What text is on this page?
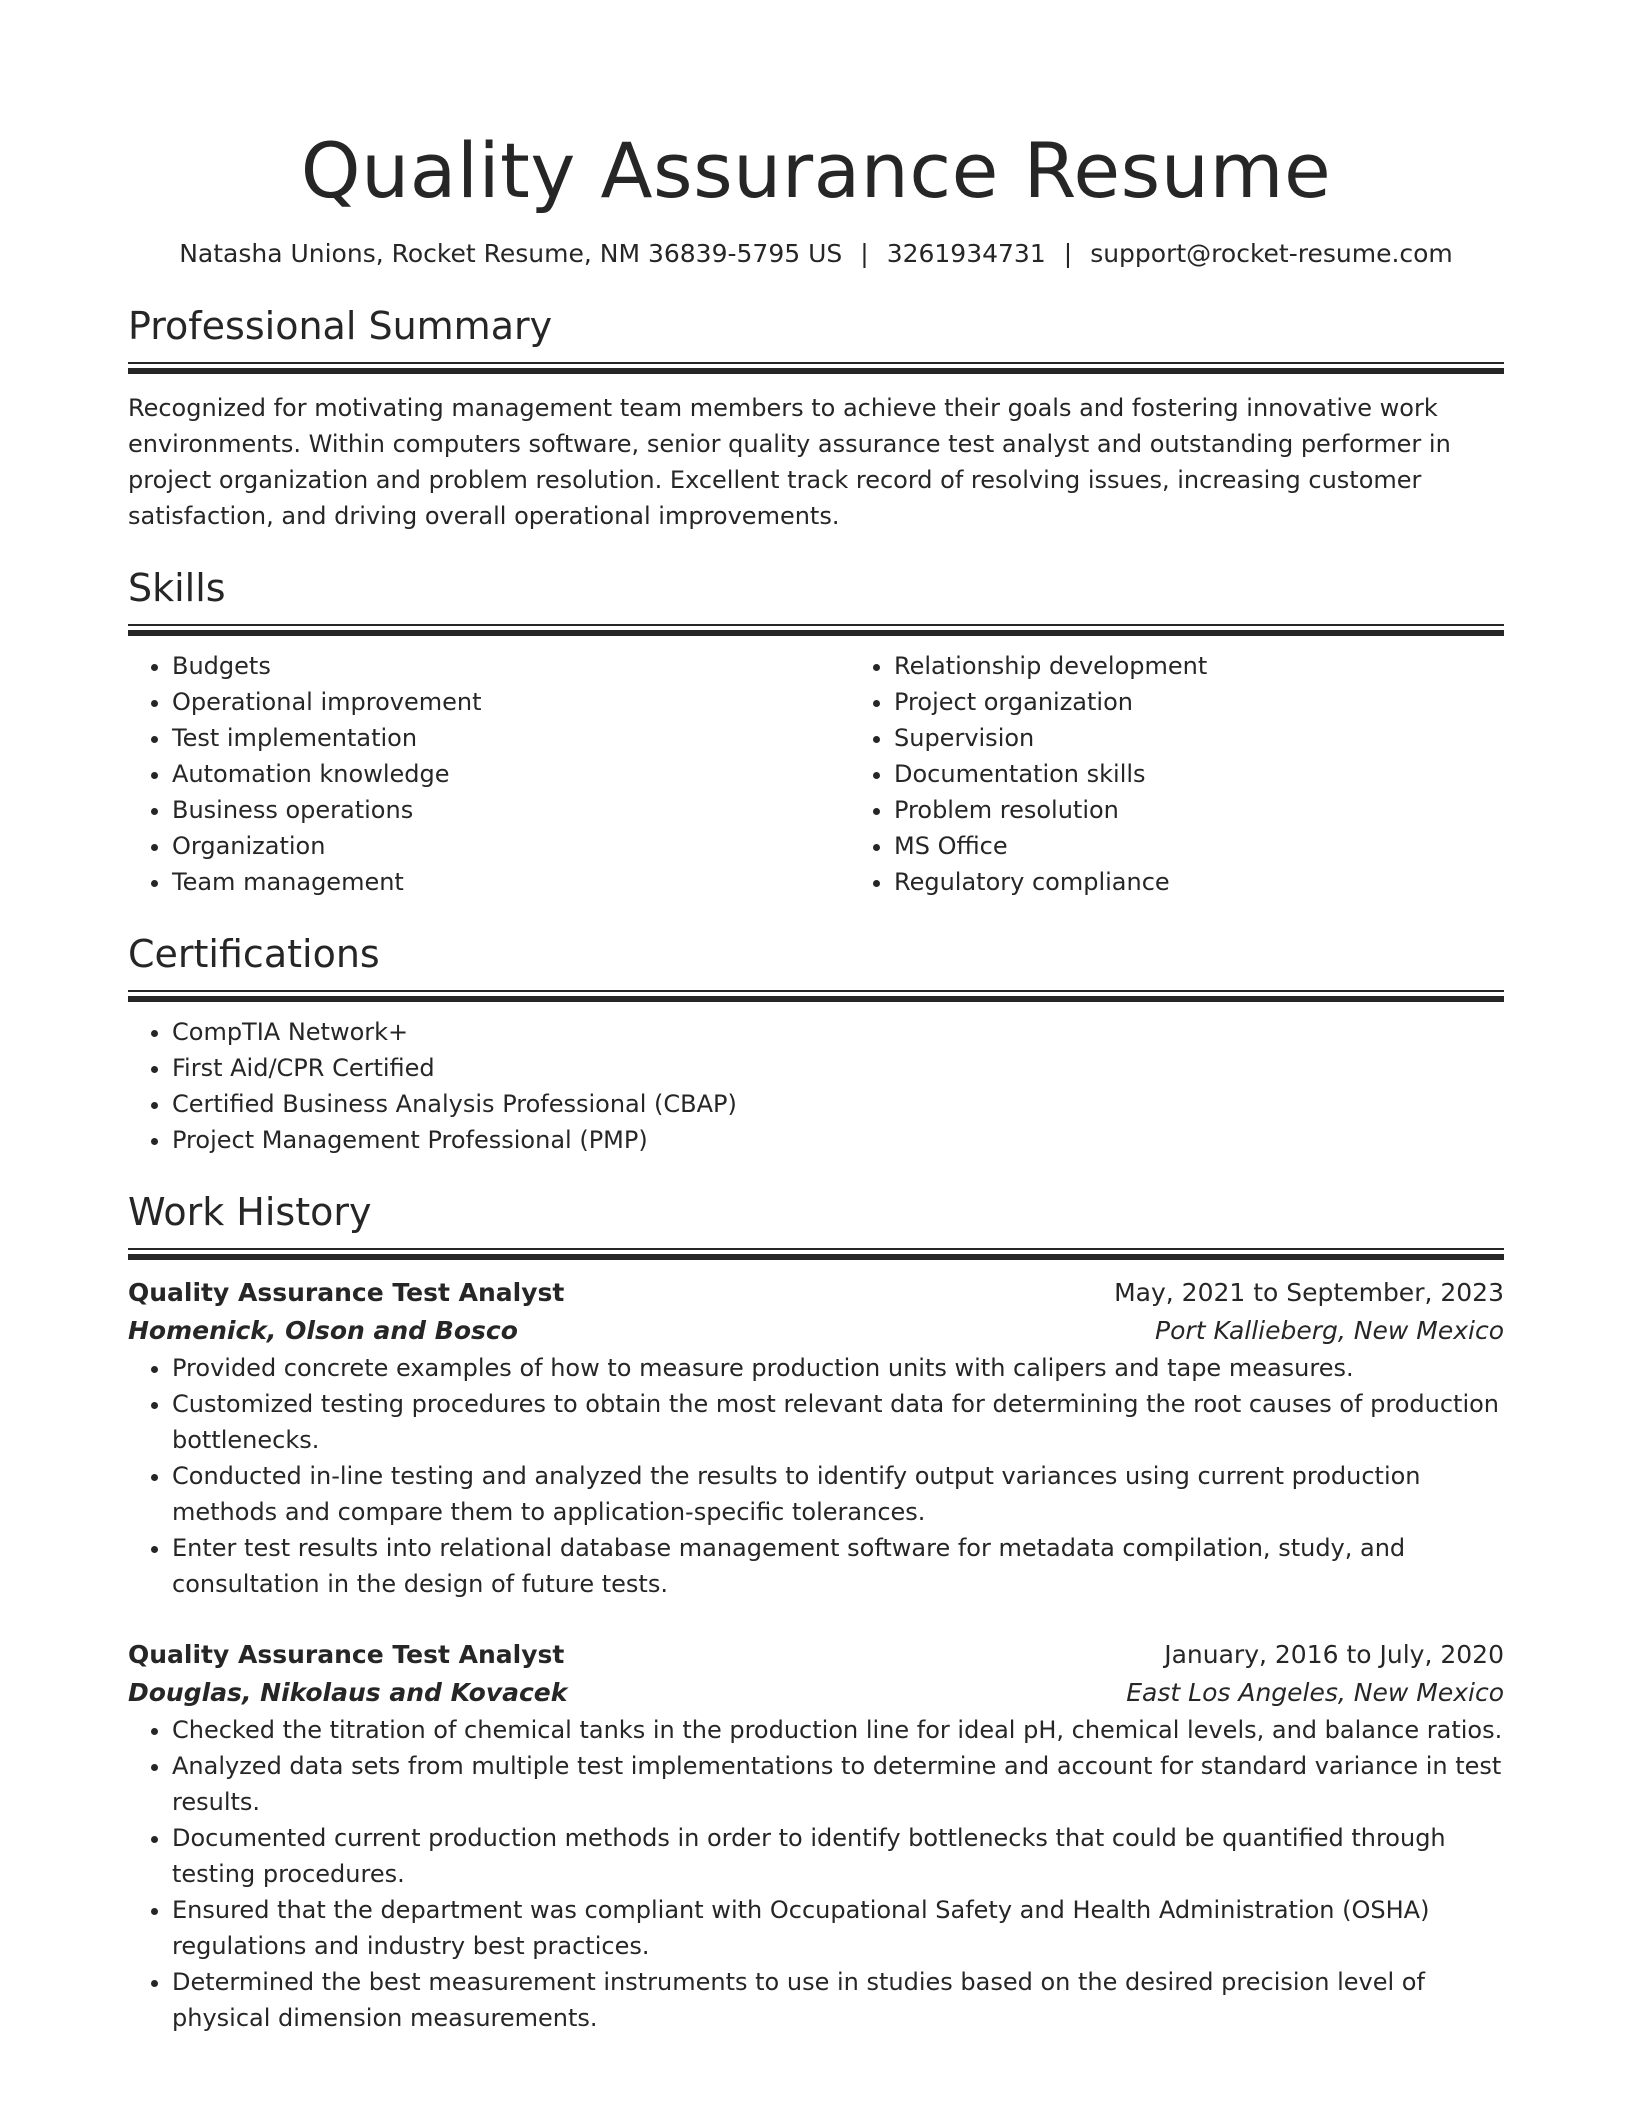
Quality Assurance Resume
Natasha Unions, Rocket Resume, NM 36839-5795 US | 3261934731 | support@rocket-resume.com
Professional Summary

Recognized for motivating management team members to achieve their goals and fostering innovative work environments. Within computers software, senior quality assurance test analyst and outstanding performer in project organization and problem resolution. Excellent track record of resolving issues, increasing customer satisfaction, and driving overall operational improvements.

Skills
• Budgets
• Operational improvement
• Test implementation
• Automation knowledge
• Business operations
• Organization
• Team management
• Relationship development
• Project organization
• Supervision
• Documentation skills
• Problem resolution
• MS Office
• Regulatory compliance
Certifications
• CompTIA Network+
• First Aid/CPR Certified
• Certified Business Analysis Professional (CBAP)
• Project Management Professional (PMP)
Work History
Quality Assurance Test Analyst	May, 2021 to September, 2023
Homenick, Olson and Bosco	Port Kallieberg, New Mexico
• Provided concrete examples of how to measure production units with calipers and tape measures.
• Customized testing procedures to obtain the most relevant data for determining the root causes of production bottlenecks.
• Conducted in-line testing and analyzed the results to identify output variances using current production methods and compare them to application-specific tolerances.
• Enter test results into relational database management software for metadata compilation, study, and consultation in the design of future tests.
Quality Assurance Test Analyst	January, 2016 to July, 2020
Douglas, Nikolaus and Kovacek	East Los Angeles, New Mexico
• Checked the titration of chemical tanks in the production line for ideal pH, chemical levels, and balance ratios.
• Analyzed data sets from multiple test implementations to determine and account for standard variance in test results.
• Documented current production methods in order to identify bottlenecks that could be quantified through testing procedures.
• Ensured that the department was compliant with Occupational Safety and Health Administration (OSHA) regulations and industry best practices.
• Determined the best measurement instruments to use in studies based on the desired precision level of physical dimension measurements.
